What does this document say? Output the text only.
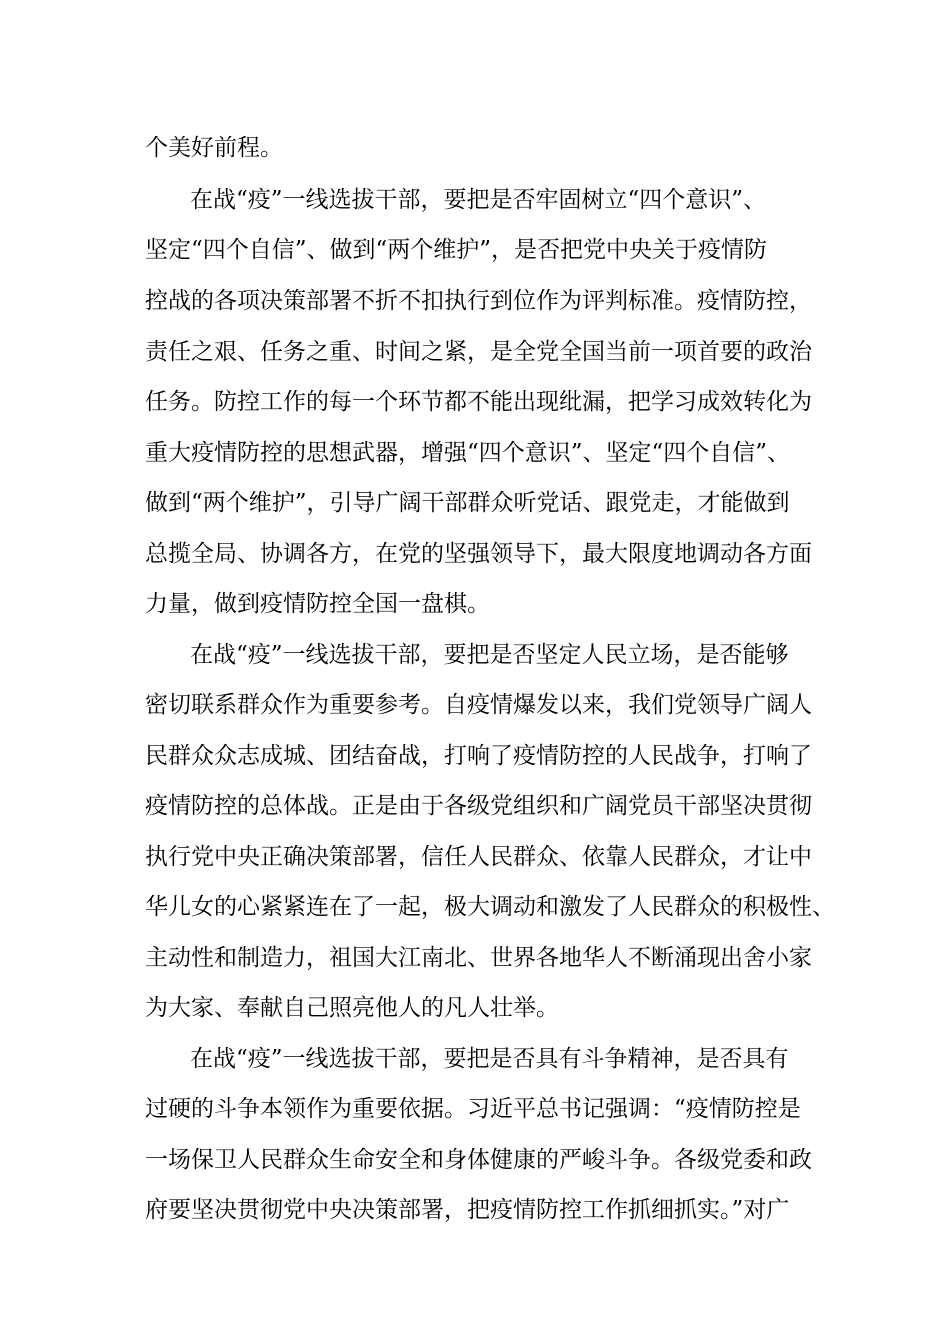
个美好前程。
在战“疫”一线选拔干部，要把是否牢固树立“四个意识”、
坚定“四个自信”、做到“两个维护”，是否把党中央关于疫情防
控战的各项决策部署不折不扣执行到位作为评判标准。疫情防控，
责任之艰、任务之重、时间之紧，是全党全国当前一项首要的政治
任务。防控工作的每一个环节都不能出现纰漏，把学习成效转化为
重大疫情防控的思想武器，增强“四个意识”、坚定“四个自信”、
做到“两个维护”，引导广阔干部群众听党话、跟党走，才能做到
总揽全局、协调各方，在党的坚强领导下，最大限度地调动各方面
力量，做到疫情防控全国一盘棋。
在战“疫”一线选拔干部，要把是否坚定人民立场，是否能够
密切联系群众作为重要参考。自疫情爆发以来，我们党领导广阔人
民群众众志成城、团结奋战，打响了疫情防控的人民战争，打响了
疫情防控的总体战。正是由于各级党组织和广阔党员干部坚决贯彻
执行党中央正确决策部署，信任人民群众、依靠人民群众，才让中
华儿女的心紧紧连在了一起，极大调动和激发了人民群众的积极性、
主动性和制造力，祖国大江南北、世界各地华人不断涌现出舍小家
为大家、奉献自己照亮他人的凡人壮举。
在战“疫”一线选拔干部，要把是否具有斗争精神，是否具有
过硬的斗争本领作为重要依据。习近平总书记强调：“疫情防控是
一场保卫人民群众生命安全和身体健康的严峻斗争。各级党委和政
府要坚决贯彻党中央决策部署，把疫情防控工作抓细抓实。”对广
